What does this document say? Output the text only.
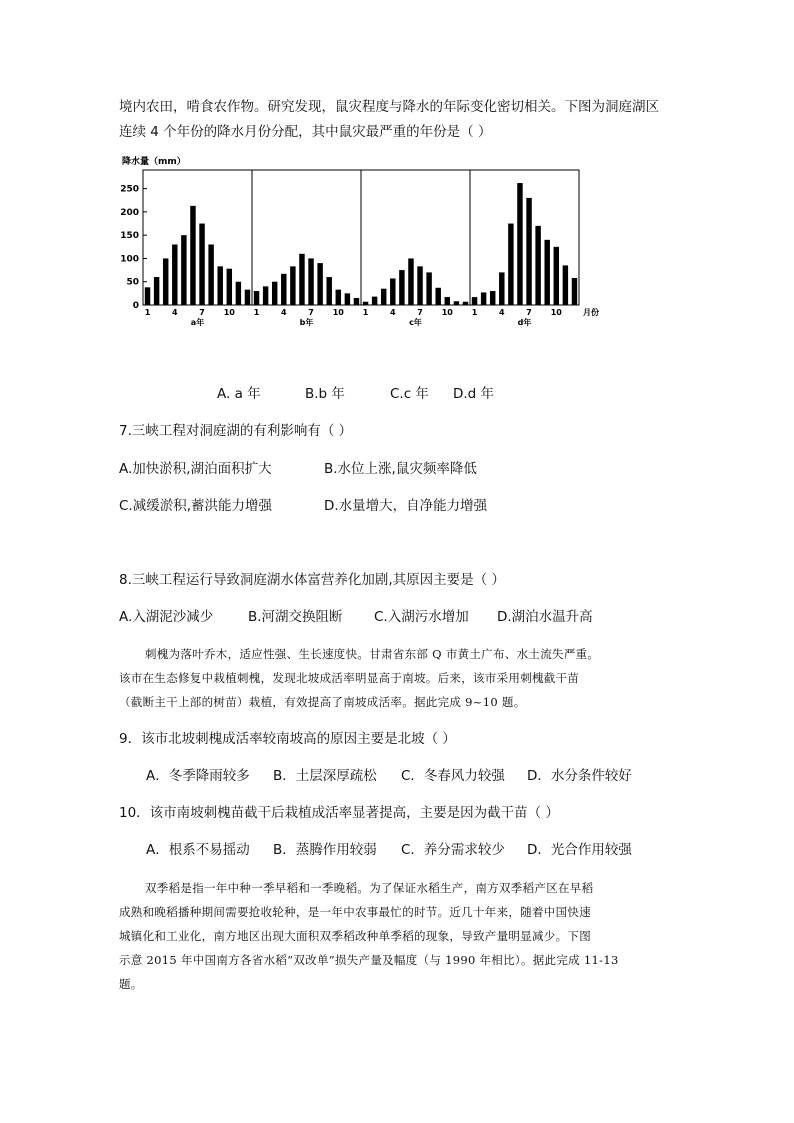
境内农田，啃食农作物。研究发现，鼠灾程度与降水的年际变化密切相关。下图为洞庭湖区
连续 4 个年份的降水月份分配，其中鼠灾最严重的年份是（ ）
降水量（mm）
0
50
100
150
200
250
1	4	7 10
a年
1	4	7 10
b年
1	4	7 10
c年
1	4	7 10
d年
月份
A. a 年	B.b 年	C.c 年 D.d 年
7.三峡工程对洞庭湖的有利影响有（ ）
A.加快淤积,湖泊面积扩大	B.水位上涨,鼠灾频率降低
C.减缓淤积,蓄洪能力增强	D.水量增大，自净能力增强
8.三峡工程运行导致洞庭湖水体富营养化加剧,其原因主要是（ ）
A.入湖泥沙减少	B.河湖交换阻断 C.入湖污水增加 D.湖泊水温升高
刺槐为落叶乔木，适应性强、生长速度快。甘肃省东部 Q 市黄土广布、水土流失严重。
该市在生态修复中栽植刺槐，发现北坡成活率明显高于南坡。后来，该市采用刺槐截干苗
（截断主干上部的树苗）栽植，有效提高了南坡成活率。据此完成 9~10 题。
9．该市北坡刺槐成活率较南坡高的原因主要是北坡（ ）
A．冬季降雨较多 B．土层深厚疏松 C．冬春风力较强 D．水分条件较好
10．该市南坡刺槐苗截干后栽植成活率显著提高，主要是因为截干苗（ ）
A．根系不易摇动 B．蒸腾作用较弱 C．养分需求较少 D．光合作用较强
双季稻是指一年中种一季早稻和一季晚稻。为了保证水稻生产，南方双季稻产区在早稻
成熟和晚稻播种期间需要抢收轮种，是一年中农事最忙的时节。近几十年来，随着中国快速
城镇化和工业化，南方地区出现大面积双季稻改种单季稻的现象，导致产量明显减少。下图
示意 2015 年中国南方各省水稻“双改单”损失产量及幅度（与 1990 年相比）。据此完成 11-13
题。
